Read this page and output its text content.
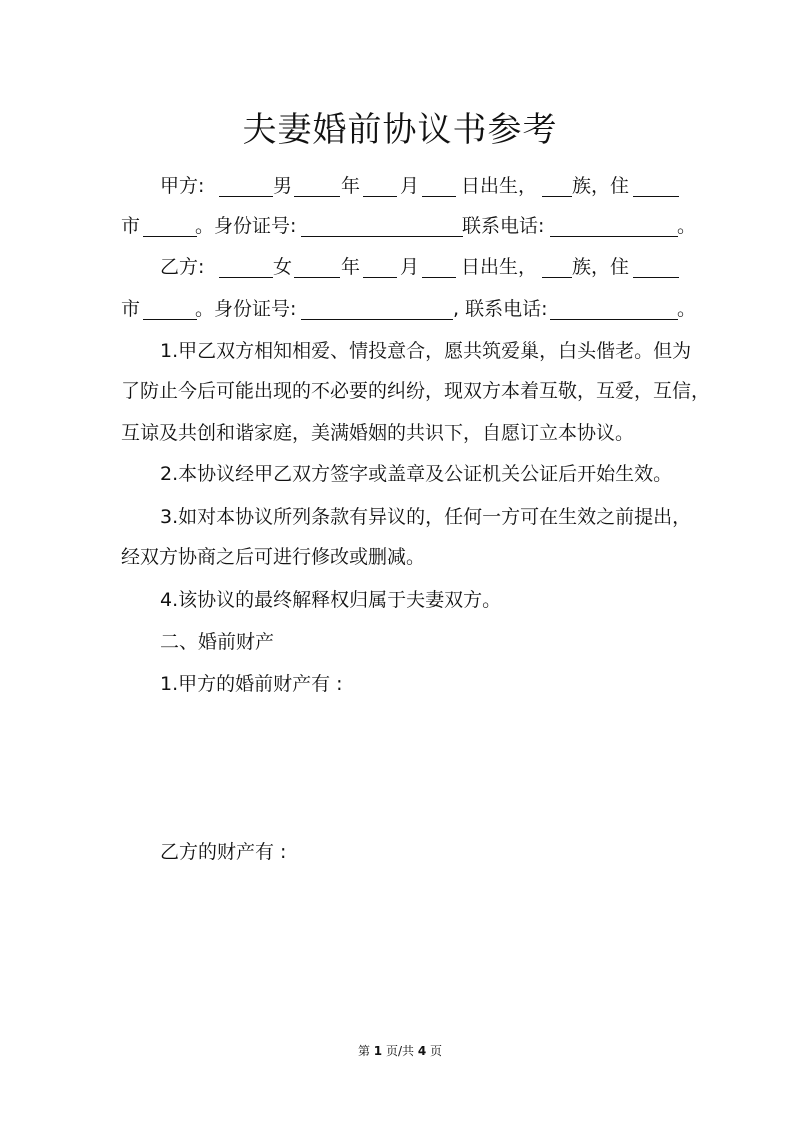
夫妻婚前协议书参考
甲方:	男	年 月 日出生， 族，住
市	。身份证号:	联系电话:	。
乙方:	女	年 月 日出生， 族，住
市	。身份证号:	, 联系电话:	。
1.甲乙双方相知相爱、情投意合，愿共筑爱巢，白头偕老。但为
了防止今后可能出现的不必要的纠纷，现双方本着互敬，互爱，互信，
互谅及共创和谐家庭，美满婚姻的共识下，自愿订立本协议。
2.本协议经甲乙双方签字或盖章及公证机关公证后开始生效。
3.如对本协议所列条款有异议的，任何一方可在生效之前提出，
经双方协商之后可进行修改或删减。
4.该协议的最终解释权归属于夫妻双方。
二、婚前财产
1.甲方的婚前财产有 :
乙方的财产有 :
第 1 页/共 4 页
